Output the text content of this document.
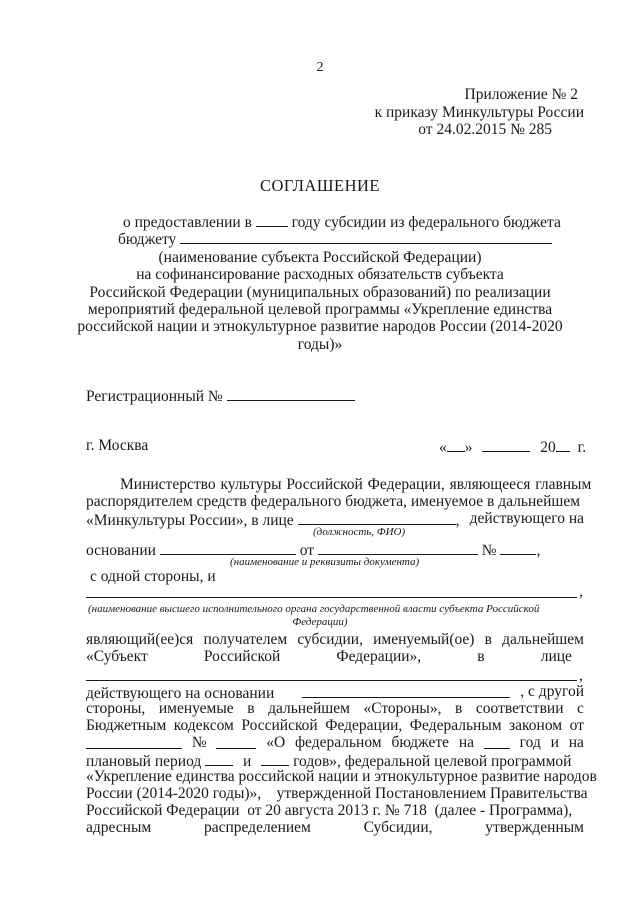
2
Приложение № 2
к приказу Минкультуры России
от 24.02.2015 № 285
СОГЛАШЕНИЕ
о предоставлении в	году субсидии из федерального бюджета
бюджету
(наименование субъекта Российской Федерации)
на софинансирование расходных обязательств субъекта
Российской Федерации (муниципальных образований) по реализации
мероприятий федеральной целевой программы «Укрепление единства
российской нации и этнокультурное развитие народов России (2014-2020
годы)»
Регистрационный №
г. Москва	« »	20 г.
Министерство культуры Российской Федерации, являющееся главным
распорядителем средств федерального бюджета, именуемое в дальнейшем
«Минкультуры России», в лице	, действующего на
(должность, ФИО)
основании	от	№	,
(наименование и реквизиты документа)
с одной стороны, и
,
(наименование высшего исполнительного органа государственной власти субъекта Российской
Федерации)
являющий(ее)ся получателем субсидии, именуемый(ое) в дальнейшем
«Субъект	Российской	Федерации»,	в	лице
,
действующего на основании	, с другой
стороны, именуемые в дальнейшем «Стороны», в соответствии с
Бюджетным кодексом Российской Федерации, Федеральным законом от
№	«О федеральном бюджете на	год и на
плановый период	и	годов», федеральной целевой программой
«Укрепление единства российской нации и этнокультурное развитие народов
России (2014-2020 годы)»,    утвержденной Постановлением Правительства
Российской Федерации  от 20 августа 2013 г. № 718  (далее - Программа),
адресным	распределением	Субсидии,	утвержденным
